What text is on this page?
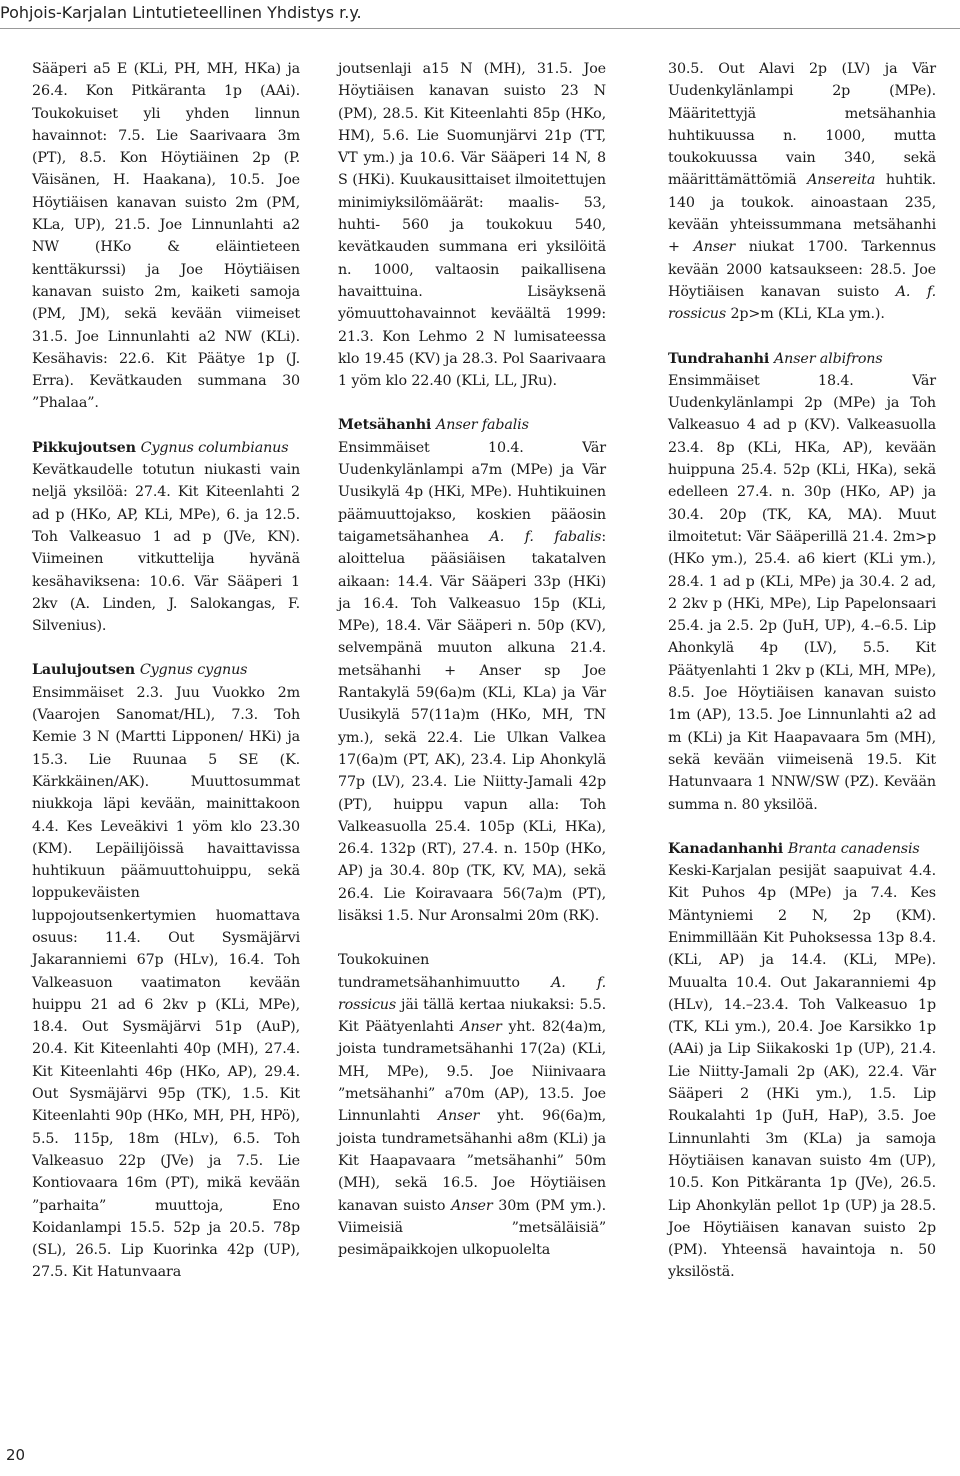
Pohjois-Karjalan Lintutieteellinen Yhdistys r.y.

Sääperi a5 E (KLi, PH, MH, HKa) ja 26.4. Kon Pitkäranta 1p (AAi). Toukokuiset yli yhden linnun havainnot: 7.5. Lie Saarivaara 3m (PT), 8.5. Kon Höytiäinen 2p (P. Väisänen, H. Haakana), 10.5. Joe Höytiäisen kanavan suisto 2m (PM, KLa, UP), 21.5. Joe Linnunlahti a2 NW (HKo & eläintieteen kenttäkurssi) ja Joe Höytiäisen kanavan suisto 2m, kaiketi samoja (PM, JM), sekä kevään viimeiset 31.5. Joe Linnunlahti a2 NW (KLi). Kesähavis: 22.6. Kit Päätye 1p (J. Erra). Kevätkauden summana 30 ”Phalaa”.

Pikkujoutsen Cygnus columbianus

Kevätkaudelle totutun niukasti vain neljä yksilöä: 27.4. Kit Kiteenlahti 2 ad p (HKo, AP, KLi, MPe), 6. ja 12.5. Toh Valkeasuo 1 ad p (JVe, KN). Viimeinen vitkuttelija hyvänä kesähaviksena: 10.6. Vär Sääperi 1 2kv (A. Linden, J. Salokangas, F. Silvenius).

Laulujoutsen Cygnus cygnus

Ensimmäiset 2.3. Juu Vuokko 2m (Vaarojen Sanomat/HL), 7.3. Toh Kemie 3 N (Martti Lipponen/ HKi) ja 15.3. Lie Ruunaa 5 SE (K. Kärkkäinen/AK). Muuttosummat niukkoja läpi kevään, mainittakoon 4.4. Kes Leveäkivi 1 yöm klo 23.30 (KM). Lepäilijöissä havaittavissa huhtikuun päämuuttohuippu, sekä loppukeväisten luppojoutsenkertymien huomattava osuus: 11.4. Out Sysmäjärvi Jakaranniemi 67p (HLv), 16.4. Toh Valkeasuon vaatimaton kevään huippu 21 ad 6 2kv p (KLi, MPe), 18.4. Out Sysmäjärvi 51p (AuP), 20.4. Kit Kiteenlahti 40p (MH), 27.4. Kit Kiteenlahti 46p (HKo, AP), 29.4. Out Sysmäjärvi 95p (TK), 1.5. Kit Kiteenlahti 90p (HKo, MH, PH, HPö), 5.5. 115p, 18m (HLv), 6.5. Toh Valkeasuo 22p (JVe) ja 7.5. Lie Kontiovaara 16m (PT), mikä kevään ”parhaita” muuttoja, Eno Koidanlampi 15.5. 52p ja 20.5. 78p (SL), 26.5. Lip Kuorinka 42p (UP), 27.5. Kit Hatunvaara

joutsenlaji a15 N (MH), 31.5. Joe Höytiäisen kanavan suisto 23 N (PM), 28.5. Kit Kiteenlahti 85p (HKo, HM), 5.6. Lie Suomunjärvi 21p (TT, VT ym.) ja 10.6. Vär Sääperi 14 N, 8 S (HKi). Kuukausittaiset ilmoitettujen minimiyksilömäärät: maalis- 53, huhti- 560 ja toukokuu 540, kevätkauden summana eri yksilöitä n. 1000, valtaosin paikallisena havaittuina. Lisäyksenä yömuuttohavainnot keväältä 1999: 21.3. Kon Lehmo 2 N lumisateessa klo 19.45 (KV) ja 28.3. Pol Saarivaara 1 yöm klo 22.40 (KLi, LL, JRu).

Metsähanhi Anser fabalis

Ensimmäiset 10.4. Vär Uudenkylänlampi a7m (MPe) ja Vär Uusikylä 4p (HKi, MPe). Huhtikuinen päämuuttojakso, koskien pääosin taigametsähanhea A. f. fabalis: aloittelua pääsiäisen takatalven aikaan: 14.4. Vär Sääperi 33p (HKi) ja 16.4. Toh Valkeasuo 15p (KLi, MPe), 18.4. Vär Sääperi n. 50p (KV), selvempänä muuton alkuna 21.4. metsähanhi + Anser sp Joe Rantakylä 59(6a)m (KLi, KLa) ja Vär Uusikylä 57(11a)m (HKo, MH, TN ym.), sekä 22.4. Lie Ulkan Valkea 17(6a)m (PT, AK), 23.4. Lip Ahonkylä 77p (LV), 23.4. Lie Niitty-Jamali 42p (PT), huippu vapun alla: Toh Valkeasuolla 25.4. 105p (KLi, HKa), 26.4. 132p (RT), 27.4. n. 150p (HKo, AP) ja 30.4. 80p (TK, KV, MA), sekä 26.4. Lie Koiravaara 56(7a)m (PT), lisäksi 1.5. Nur Aronsalmi 20m (RK).

Toukokuinen tundrametsähanhimuutto A. f. rossicus jäi tällä kertaa niukaksi: 5.5. Kit Päätyenlahti Anser yht. 82(4a)m, joista tundrametsähanhi 17(2a) (KLi, MH, MPe), 9.5. Joe Niinivaara ”metsähanhi” a70m (AP), 13.5. Joe Linnunlahti Anser yht. 96(6a)m, joista tundrametsähanhi a8m (KLi) ja Kit Haapavaara ”metsähanhi” 50m (MH), sekä 16.5. Joe Höytiäisen kanavan suisto Anser 30m (PM ym.). Viimeisiä ”metsäläisiä” pesimäpaikkojen ulkopuolelta

30.5. Out Alavi 2p (LV) ja Vär Uudenkylänlampi 2p (MPe). Määritettyjä metsähanhia huhtikuussa n. 1000, mutta toukokuussa vain 340, sekä määrittämättömiä Ansereita huhtik. 140 ja toukok. ainoastaan 235, kevään yhteissummana metsähanhi + Anser niukat 1700. Tarkennus kevään 2000 katsaukseen: 28.5. Joe Höytiäisen kanavan suisto A. f. rossicus 2p>m (KLi, KLa ym.).

Tundrahanhi Anser albifrons

Ensimmäiset 18.4. Vär Uudenkylänlampi 2p (MPe) ja Toh Valkeasuo 4 ad p (KV). Valkeasuolla 23.4. 8p (KLi, HKa, AP), kevään huippuna 25.4. 52p (KLi, HKa), sekä edelleen 27.4. n. 30p (HKo, AP) ja 30.4. 20p (TK, KA, MA). Muut ilmoitetut: Vär Sääperillä 21.4. 2m>p (HKo ym.), 25.4. a6 kiert (KLi ym.), 28.4. 1 ad p (KLi, MPe) ja 30.4. 2 ad, 2 2kv p (HKi, MPe), Lip Papelonsaari 25.4. ja 2.5. 2p (JuH, UP), 4.–6.5. Lip Ahonkylä 4p (LV), 5.5. Kit Päätyenlahti 1 2kv p (KLi, MH, MPe), 8.5. Joe Höytiäisen kanavan suisto 1m (AP), 13.5. Joe Linnunlahti a2 ad m (KLi) ja Kit Haapavaara 5m (MH), sekä kevään viimeisenä 19.5. Kit Hatunvaara 1 NNW/SW (PZ). Kevään summa n. 80 yksilöä.

Kanadanhanhi Branta canadensis

Keski-Karjalan pesijät saapuivat 4.4. Kit Puhos 4p (MPe) ja 7.4. Kes Mäntyniemi 2 N, 2p (KM). Enimmillään Kit Puhoksessa 13p 8.4. (KLi, AP) ja 14.4. (KLi, MPe). Muualta 10.4. Out Jakaranniemi 4p (HLv), 14.–23.4. Toh Valkeasuo 1p (TK, KLi ym.), 20.4. Joe Karsikko 1p (AAi) ja Lip Siikakoski 1p (UP), 21.4. Lie Niitty-Jamali 2p (AK), 22.4. Vär Sääperi 2 (HKi ym.), 1.5. Lip Roukalahti 1p (JuH, HaP), 3.5. Joe Linnunlahti 3m (KLa) ja samoja Höytiäisen kanavan suisto 4m (UP), 10.5. Kon Pitkäranta 1p (JVe), 26.5. Lip Ahonkylän pellot 1p (UP) ja 28.5. Joe Höytiäisen kanavan suisto 2p (PM). Yhteensä havaintoja n. 50 yksilöstä.

20
